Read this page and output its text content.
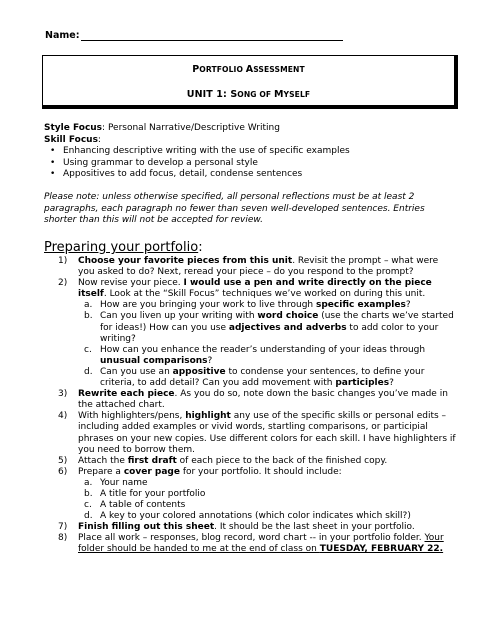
Name:
PORTFOLIO ASSESSMENT
UNIT 1: SONG OF MYSELF
Style Focus: Personal Narrative/Descriptive Writing
Skill Focus:
• Enhancing descriptive writing with the use of specific examples
• Using grammar to develop a personal style
• Appositives to add focus, detail, condense sentences
Please note: unless otherwise specified, all personal reflections must be at least 2 paragraphs, each paragraph no fewer than seven well-developed sentences. Entries shorter than this will not be accepted for review.
Preparing your portfolio:
1) Choose your favorite pieces from this unit. Revisit the prompt – what were you asked to do? Next, reread your piece – do you respond to the prompt?
2) Now revise your piece. I would use a pen and write directly on the piece itself. Look at the “Skill Focus” techniques we’ve worked on during this unit.
a. How are you bringing your work to live through specific examples?
b. Can you liven up your writing with word choice (use the charts we’ve started for ideas!) How can you use adjectives and adverbs to add color to your writing?
c. How can you enhance the reader’s understanding of your ideas through unusual comparisons?
d. Can you use an appositive to condense your sentences, to define your criteria, to add detail? Can you add movement with participles?
3) Rewrite each piece. As you do so, note down the basic changes you’ve made in the attached chart.
4) With highlighters/pens, highlight any use of the specific skills or personal edits – including added examples or vivid words, startling comparisons, or participial phrases on your new copies. Use different colors for each skill. I have highlighters if you need to borrow them.
5) Attach the first draft of each piece to the back of the finished copy.
6) Prepare a cover page for your portfolio. It should include:
a. Your name
b. A title for your portfolio
c. A table of contents
d. A key to your colored annotations (which color indicates which skill?)
7) Finish filling out this sheet. It should be the last sheet in your portfolio.
8) Place all work – responses, blog record, word chart -- in your portfolio folder. Your folder should be handed to me at the end of class on TUESDAY, FEBRUARY 22.
